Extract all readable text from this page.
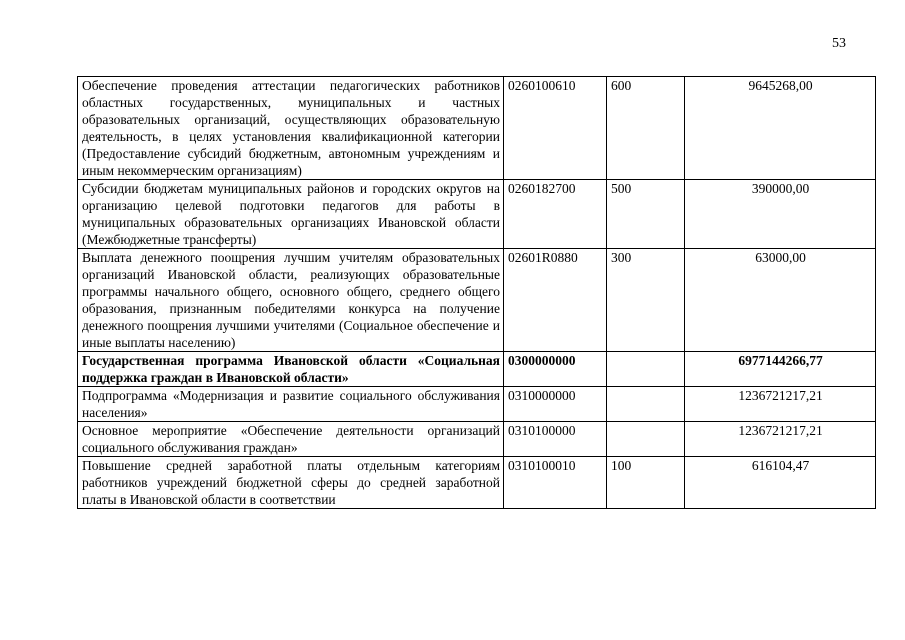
53
Обеспечение проведения аттестации педагогических работников областных государственных, муниципальных и частных образовательных организаций, осуществляющих образовательную деятельность, в целях установления квалификационной категории (Предоставление субсидий бюджетным, автономным учреждениям и иным некоммерческим организациям)	0260100610	600	9645268,00
Субсидии бюджетам муниципальных районов и городских округов на организацию целевой подготовки педагогов для работы в муниципальных образовательных организациях Ивановской области (Межбюджетные трансферты)	0260182700	500	390000,00
Выплата денежного поощрения лучшим учителям образовательных организаций Ивановской области, реализующих образовательные программы начального общего, основного общего, среднего общего образования, признанным победителями конкурса на получение денежного поощрения лучшими учителями (Социальное обеспечение и иные выплаты населению)	02601R0880	300	63000,00
Государственная программа Ивановской области «Социальная поддержка граждан в Ивановской области»	0300000000		6977144266,77
Подпрограмма «Модернизация и развитие социального обслуживания населения»	0310000000		1236721217,21
Основное мероприятие «Обеспечение деятельности организаций социального обслуживания граждан»	0310100000		1236721217,21
Повышение средней заработной платы отдельным категориям работников учреждений бюджетной сферы до средней заработной платы в Ивановской области в соответствии	0310100010	100	616104,47
